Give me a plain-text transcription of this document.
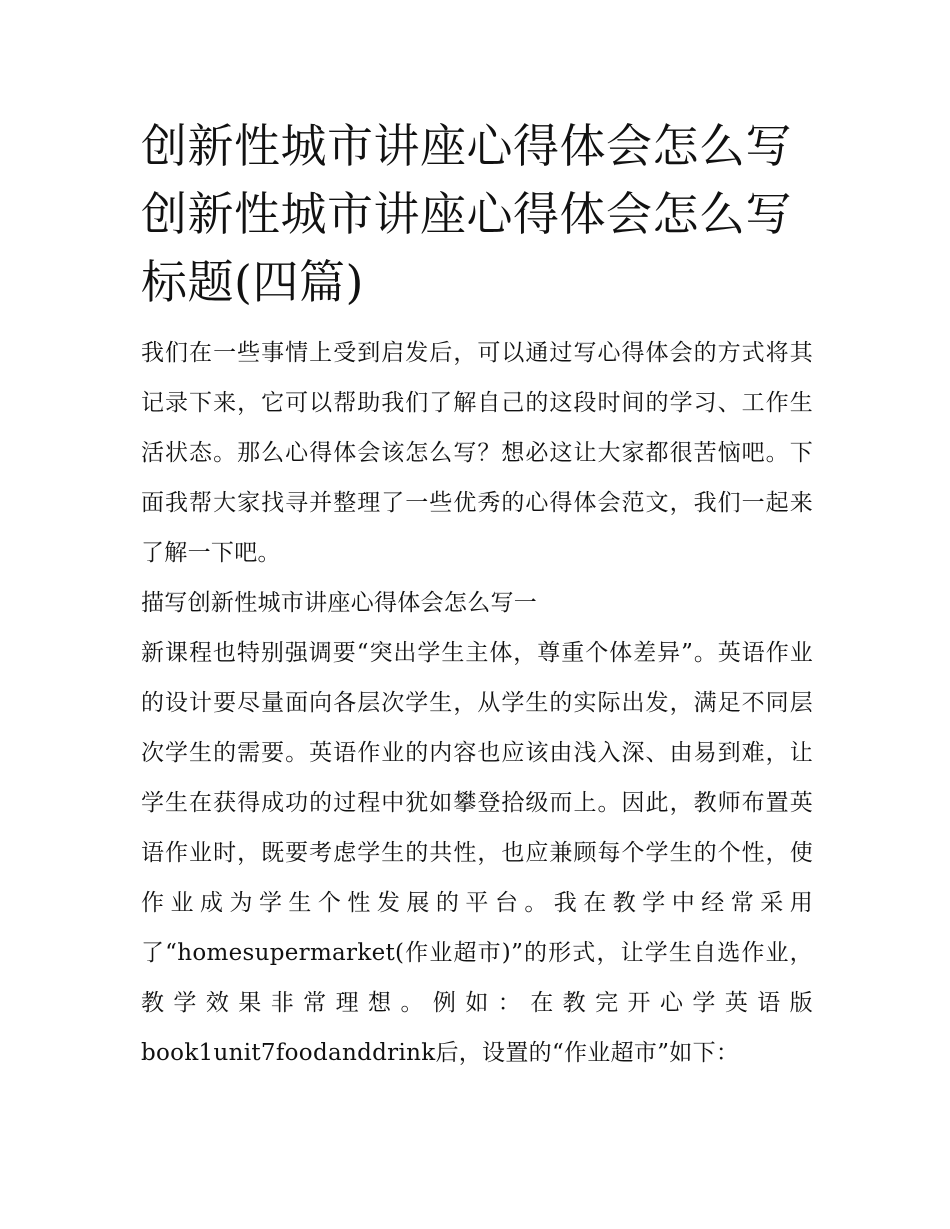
创新性城市讲座心得体会怎么写 创新性城市讲座心得体会怎么写标题(四篇)

我们在一些事情上受到启发后，可以通过写心得体会的方式将其记录下来，它可以帮助我们了解自己的这段时间的学习、工作生活状态。那么心得体会该怎么写？想必这让大家都很苦恼吧。下面我帮大家找寻并整理了一些优秀的心得体会范文，我们一起来了解一下吧。

描写创新性城市讲座心得体会怎么写一

新课程也特别强调要“突出学生主体，尊重个体差异”。英语作业的设计要尽量面向各层次学生，从学生的实际出发，满足不同层次学生的需要。英语作业的内容也应该由浅入深、由易到难，让学生在获得成功的过程中犹如攀登拾级而上。因此，教师布置英语作业时，既要考虑学生的共性，也应兼顾每个学生的个性，使作业成为学生个性发展的平台。我在教学中经常采用了“homesupermarket(作业超市)”的形式，让学生自选作业，教学效果非常理想。例如：在教完开心学英语版book1unit7foodanddrink后，设置的“作业超市”如下：
